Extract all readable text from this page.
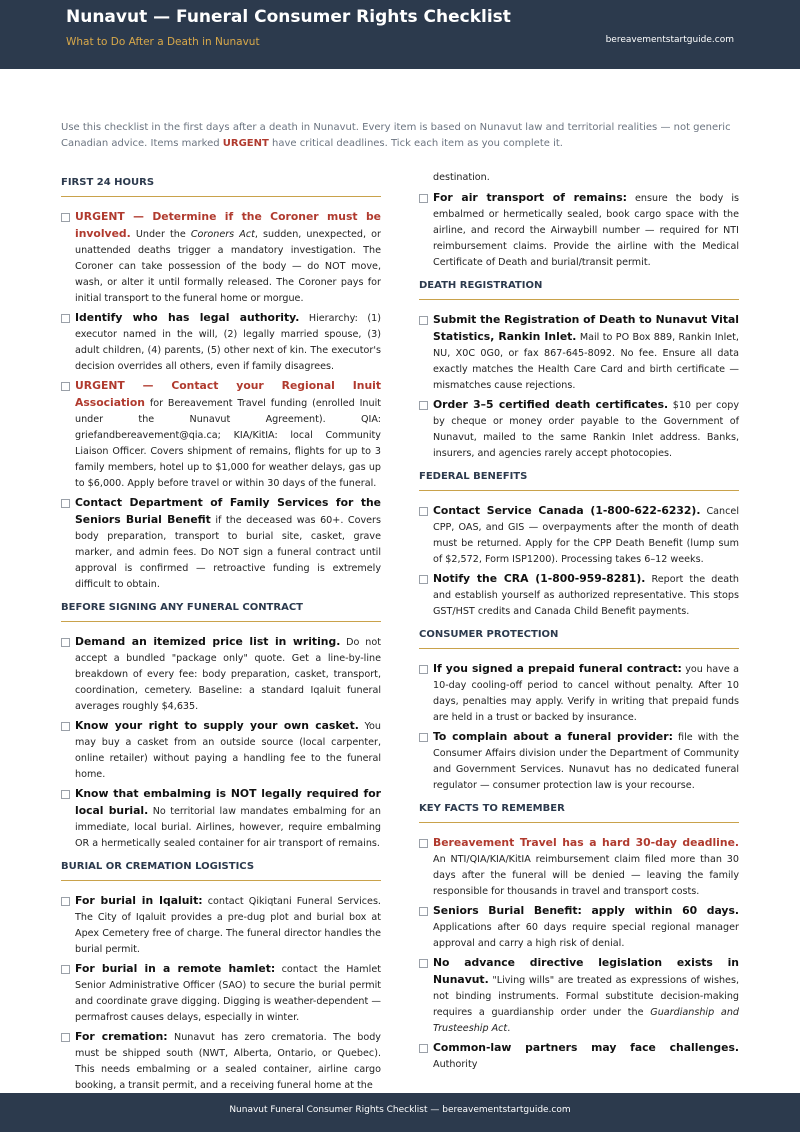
Nunavut — Funeral Consumer Rights Checklist
What to Do After a Death in Nunavut	bereavementstartguide.com
Use this checklist in the first days after a death in Nunavut. Every item is based on Nunavut law and territorial realities — not generic Canadian advice. Items marked URGENT have critical deadlines. Tick each item as you complete it.
FIRST 24 HOURS
URGENT — Determine if the Coroner must be involved. Under the Coroners Act, sudden, unexpected, or unattended deaths trigger a mandatory investigation. The Coroner can take possession of the body — do NOT move, wash, or alter it until formally released. The Coroner pays for initial transport to the funeral home or morgue.
Identify who has legal authority. Hierarchy: (1) executor named in the will, (2) legally married spouse, (3) adult children, (4) parents, (5) other next of kin. The executor's decision overrides all others, even if family disagrees.
URGENT — Contact your Regional Inuit Association for Bereavement Travel funding (enrolled Inuit under the Nunavut Agreement). QIA: griefandbereavement@qia.ca; KIA/KitIA: local Community Liaison Officer. Covers shipment of remains, flights for up to 3 family members, hotel up to $1,000 for weather delays, gas up to $6,000. Apply before travel or within 30 days of the funeral.
Contact Department of Family Services for the Seniors Burial Benefit if the deceased was 60+. Covers body preparation, transport to burial site, casket, grave marker, and admin fees. Do NOT sign a funeral contract until approval is confirmed — retroactive funding is extremely difficult to obtain.
BEFORE SIGNING ANY FUNERAL CONTRACT
Demand an itemized price list in writing. Do not accept a bundled "package only" quote. Get a line-by-line breakdown of every fee: body preparation, casket, transport, coordination, cemetery. Baseline: a standard Iqaluit funeral averages roughly $4,635.
Know your right to supply your own casket. You may buy a casket from an outside source (local carpenter, online retailer) without paying a handling fee to the funeral home.
Know that embalming is NOT legally required for local burial. No territorial law mandates embalming for an immediate, local burial. Airlines, however, require embalming OR a hermetically sealed container for air transport of remains.
BURIAL OR CREMATION LOGISTICS
For burial in Iqaluit: contact Qikiqtani Funeral Services. The City of Iqaluit provides a pre-dug plot and burial box at Apex Cemetery free of charge. The funeral director handles the burial permit.
For burial in a remote hamlet: contact the Hamlet Senior Administrative Officer (SAO) to secure the burial permit and coordinate grave digging. Digging is weather-dependent — permafrost causes delays, especially in winter.
For cremation: Nunavut has zero crematoria. The body must be shipped south (NWT, Alberta, Ontario, or Quebec). This needs embalming or a sealed container, airline cargo booking, a transit permit, and a receiving funeral home at the
destination.
For air transport of remains: ensure the body is embalmed or hermetically sealed, book cargo space with the airline, and record the Airwaybill number — required for NTI reimbursement claims. Provide the airline with the Medical Certificate of Death and burial/transit permit.
DEATH REGISTRATION
Submit the Registration of Death to Nunavut Vital Statistics, Rankin Inlet. Mail to PO Box 889, Rankin Inlet, NU, X0C 0G0, or fax 867-645-8092. No fee. Ensure all data exactly matches the Health Care Card and birth certificate — mismatches cause rejections.
Order 3–5 certified death certificates. $10 per copy by cheque or money order payable to the Government of Nunavut, mailed to the same Rankin Inlet address. Banks, insurers, and agencies rarely accept photocopies.
FEDERAL BENEFITS
Contact Service Canada (1-800-622-6232). Cancel CPP, OAS, and GIS — overpayments after the month of death must be returned. Apply for the CPP Death Benefit (lump sum of $2,572, Form ISP1200). Processing takes 6–12 weeks.
Notify the CRA (1-800-959-8281). Report the death and establish yourself as authorized representative. This stops GST/HST credits and Canada Child Benefit payments.
CONSUMER PROTECTION
If you signed a prepaid funeral contract: you have a 10-day cooling-off period to cancel without penalty. After 10 days, penalties may apply. Verify in writing that prepaid funds are held in a trust or backed by insurance.
To complain about a funeral provider: file with the Consumer Affairs division under the Department of Community and Government Services. Nunavut has no dedicated funeral regulator — consumer protection law is your recourse.
KEY FACTS TO REMEMBER
Bereavement Travel has a hard 30-day deadline. An NTI/QIA/KIA/KitIA reimbursement claim filed more than 30 days after the funeral will be denied — leaving the family responsible for thousands in travel and transport costs.
Seniors Burial Benefit: apply within 60 days. Applications after 60 days require special regional manager approval and carry a high risk of denial.
No advance directive legislation exists in Nunavut. "Living wills" are treated as expressions of wishes, not binding instruments. Formal substitute decision-making requires a guardianship order under the Guardianship and Trusteeship Act.
Common-law partners may face challenges. Authority
Nunavut Funeral Consumer Rights Checklist — bereavementstartguide.com
